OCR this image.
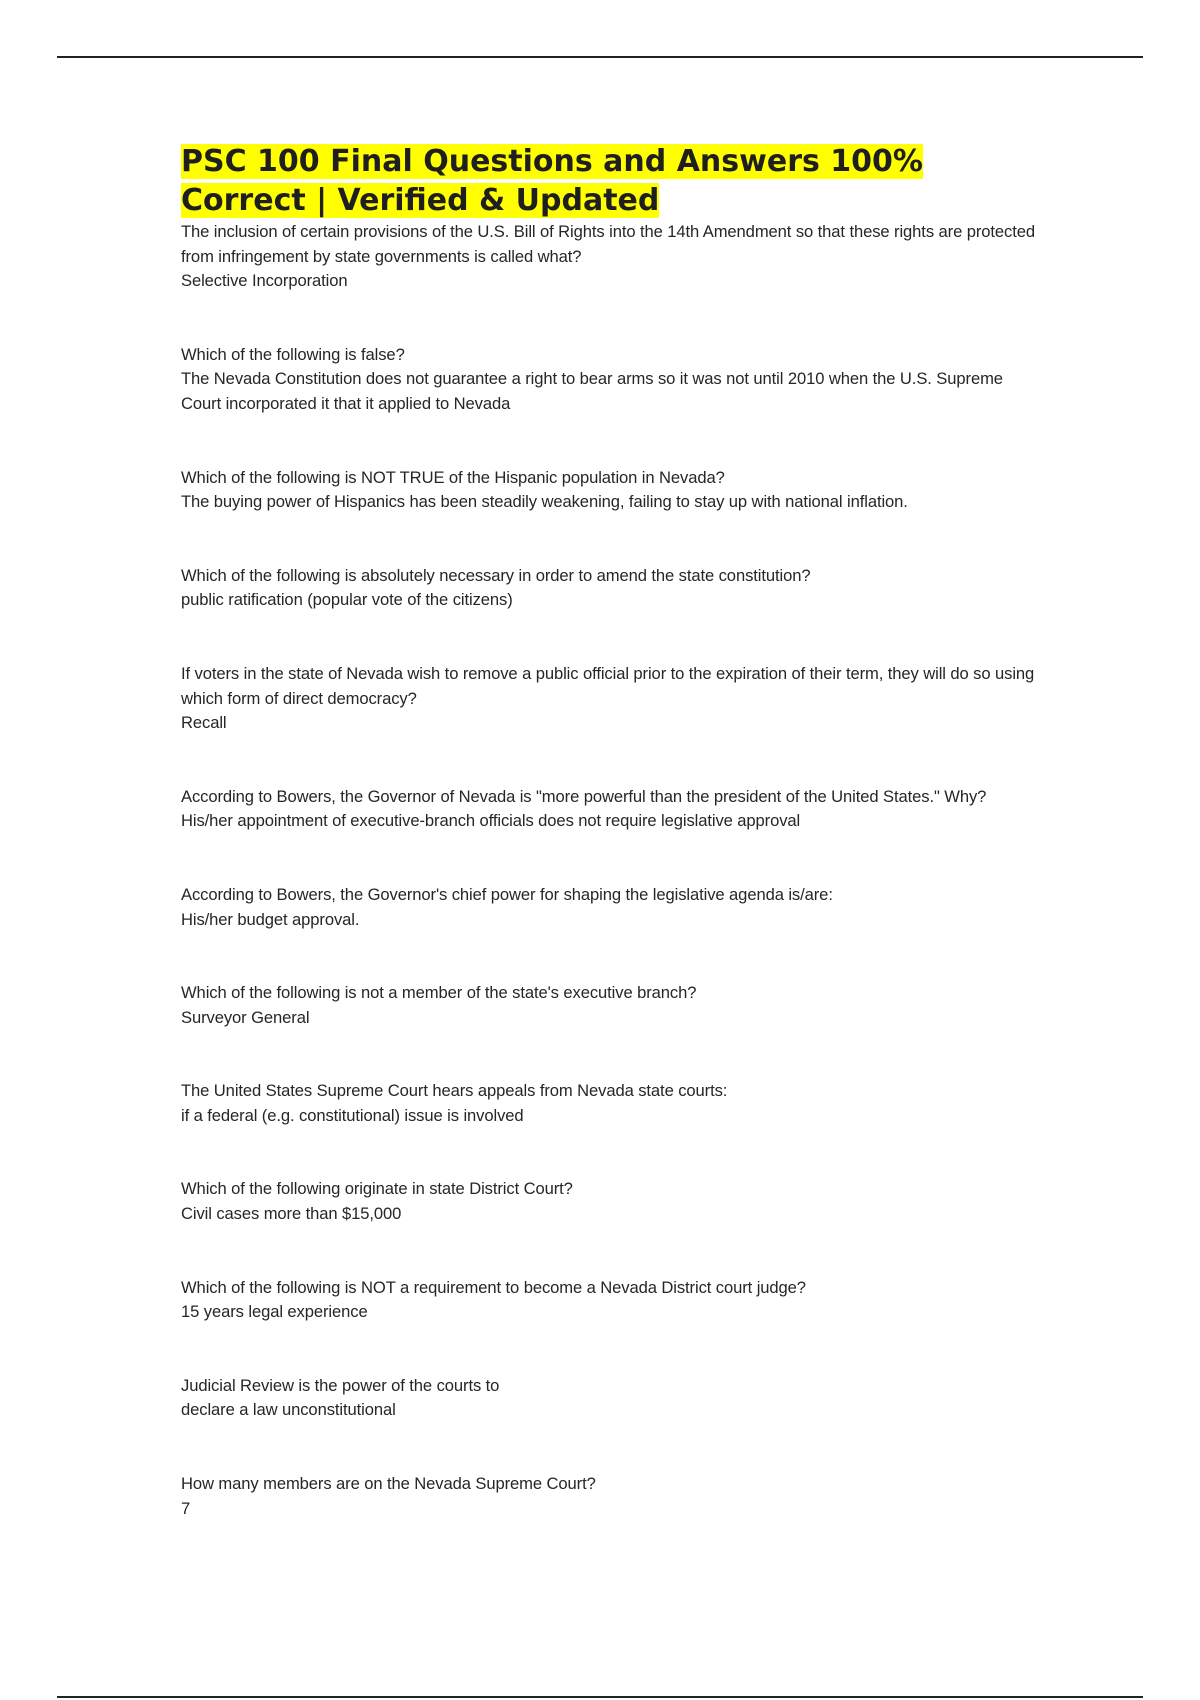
PSC 100 Final Questions and Answers 100%
Correct | Verified & Updated

The inclusion of certain provisions of the U.S. Bill of Rights into the 14th Amendment so that these rights are protected from infringement by state governments is called what?

Selective Incorporation

Which of the following is false?

The Nevada Constitution does not guarantee a right to bear arms so it was not until 2010 when the U.S. Supreme Court incorporated it that it applied to Nevada

Which of the following is NOT TRUE of the Hispanic population in Nevada?

The buying power of Hispanics has been steadily weakening, failing to stay up with national inflation.

Which of the following is absolutely necessary in order to amend the state constitution?

public ratification (popular vote of the citizens)

If voters in the state of Nevada wish to remove a public official prior to the expiration of their term, they will do so using which form of direct democracy?

Recall

According to Bowers, the Governor of Nevada is "more powerful than the president of the United States." Why?

His/her appointment of executive-branch officials does not require legislative approval

According to Bowers, the Governor's chief power for shaping the legislative agenda is/are:

His/her budget approval.

Which of the following is not a member of the state's executive branch?

Surveyor General

The United States Supreme Court hears appeals from Nevada state courts:

if a federal (e.g. constitutional) issue is involved

Which of the following originate in state District Court?

Civil cases more than $15,000

Which of the following is NOT a requirement to become a Nevada District court judge?

15 years legal experience

Judicial Review is the power of the courts to

declare a law unconstitutional

How many members are on the Nevada Supreme Court?

7
